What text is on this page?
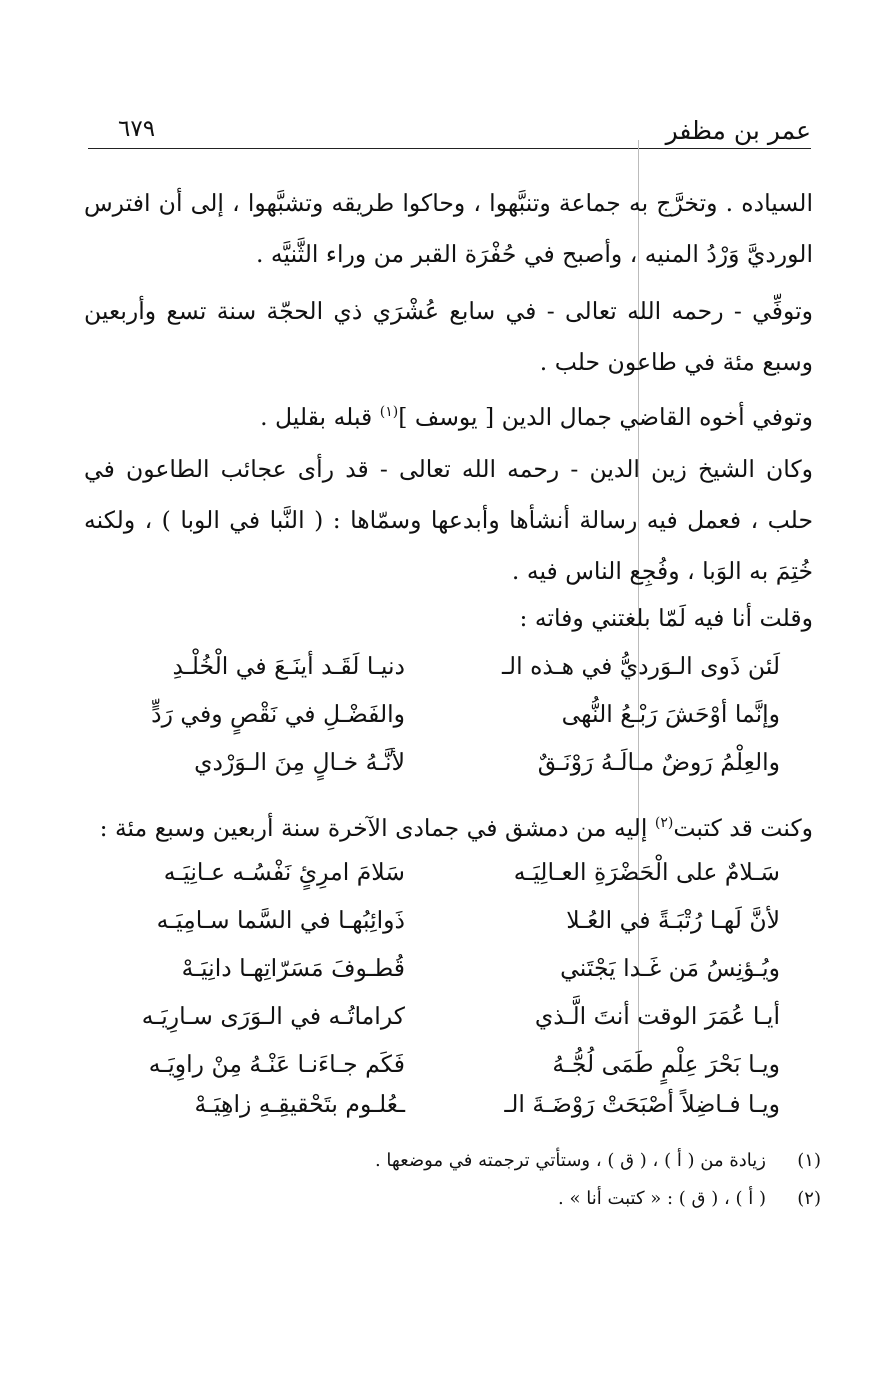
عمر بن مظفر
٦٧٩
السياده . وتخرَّج به جماعة وتنبَّهوا ، وحاكوا طريقه وتشبَّهوا ، إلى أن افترس الورديَّ وَرْدُ المنيه ، وأصبح في حُفْرَة القبر من وراء الثَّنيَّه .
وتوفِّي - رحمه الله تعالى - في سابع عُشْرَي ذي الحجّة سنة تسع وأربعين وسبع مئة في طاعون حلب .
وتوفي أخوه القاضي جمال الدين [ يوسف ]$^{(١)}$ قبله بقليل .
وكان الشيخ زين الدين - رحمه الله تعالى - قد رأى عجائب الطاعون في حلب ، فعمل فيه رسالة أنشأها وأبدعها وسمّاها : ( النَّبا في الوبا ) ، ولكنه خُتِمَ به الوَبا ، وفُجِع الناس فيه .
وقلت أنا فيه لَمّا بلغتني وفاته :
لَئن ذَوى الـوَرديُّ في هـذه الـ
دنيـا لَقَـد أينَـعَ في الْخُلْـدِ
وإنَّما أوْحَشَ رَبْـعُ النُّهى
والفَضْـلِ في نَقْصٍ وفي رَدٍّ
والعِلْمُ رَوضٌ مـالَـهُ رَوْنَـقٌ
لأنَّـهُ خـالٍ مِنَ الـوَرْدي
وكنت قد كتبت$^{(٢)}$ إليه من دمشق في جمادى الآخرة سنة أربعين وسبع مئة :
سَـلامٌ على الْحَضْرَةِ العـالِيَـه
سَلامَ امرِئٍ نَفْسُـه عـانِيَـه
لأنَّ لَهـا رُتْبَـةً في العُـلا
ذَوائِبُهـا في السَّما سـامِيَـه
ويُـؤنِسُ مَن غَـدا يَجْتَني
قُطـوفَ مَسَرّاتِهـا دانِيَـهْ
أيـا عُمَرَ الوقت أنتَ الَّـذي
كراماتُـه في الـوَرَى سـارِيَـه
ويـا بَحْرَ عِلْمٍ طَمَى لُجُّـهُ
فَكَم جـاءَنـا عَنْـهُ مِنْ راوِيَـه
ويـا فـاضِلاً أصْبَحَتْ رَوْضَـةَ الـ
ـعُلـوم بتَحْقيقِـهِ زاهِيَـهْ
(١)
زيادة من ( أ ) ، ( ق ) ، وستأتي ترجمته في موضعها .
(٢)
( أ ) ، ( ق ) : « كتبت أنا » .
